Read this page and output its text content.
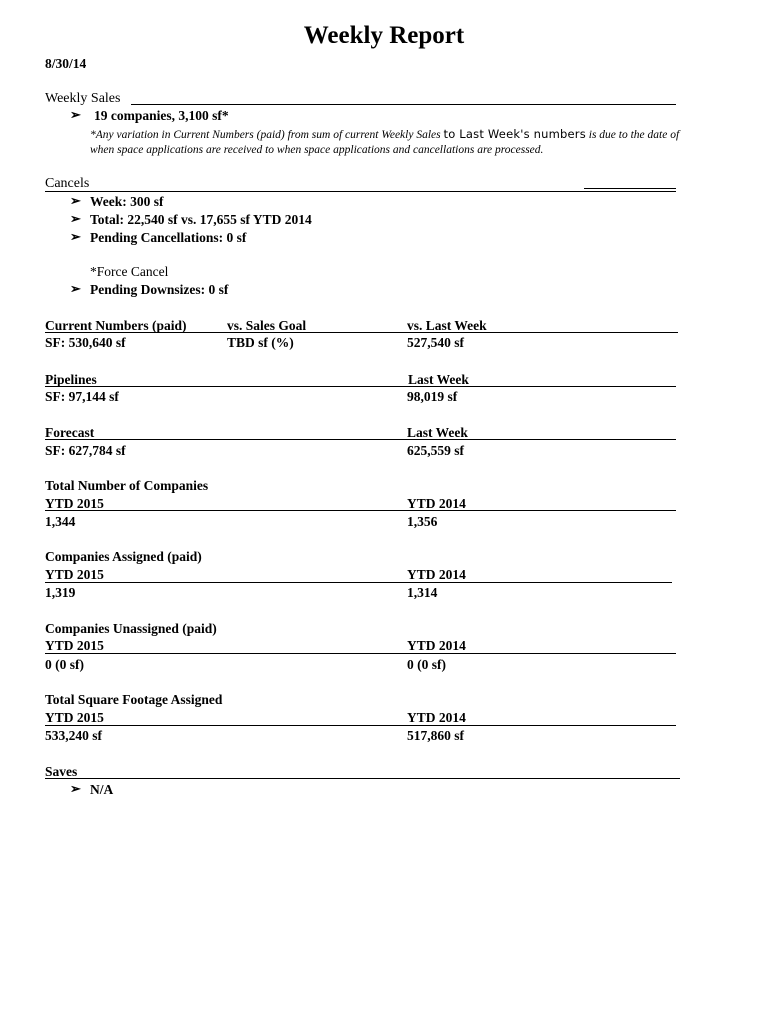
Weekly Report
8/30/14
Weekly Sales
➢ 19 companies, 3,100 sf*
*Any variation in Current Numbers (paid) from sum of current Weekly Sales to Last Week's numbers is due to the date of
when space applications are received to when space applications and cancellations are processed.
Cancels
➢ Week: 300 sf
➢ Total: 22,540 sf vs. 17,655 sf YTD 2014
➢ Pending Cancellations: 0 sf
*Force Cancel
➢ Pending Downsizes: 0 sf
Current Numbers (paid)	vs. Sales Goal	vs. Last Week
SF: 530,640 sf	TBD sf (%)	527,540 sf
Pipelines	Last Week
SF: 97,144 sf	98,019 sf
Forecast	Last Week
SF: 627,784 sf	625,559 sf
Total Number of Companies
YTD 2015	YTD 2014
1,344	1,356
Companies Assigned (paid)
YTD 2015	YTD 2014
1,319	1,314
Companies Unassigned (paid)
YTD 2015	YTD 2014
0 (0 sf)	0 (0 sf)
Total Square Footage Assigned
YTD 2015	YTD 2014
533,240 sf	517,860 sf
Saves
➢ N/A
